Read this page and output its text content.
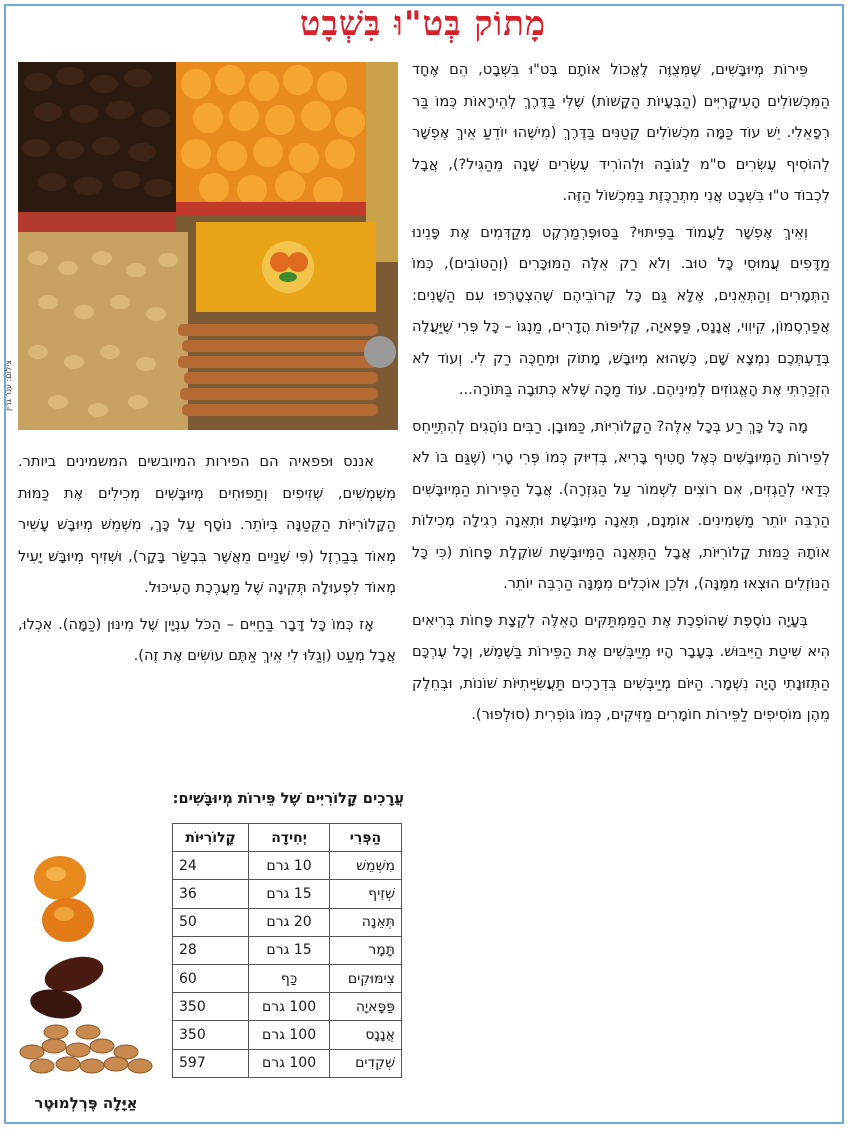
מָתוֹק בְּט"וּ בִּשְׁבָט
צילום: ענר גרין

פֵּירוֹת מְיוּבָּשִׁים, שֶׁמְּצֻוֶּה לֶאֱכוֹל אוֹתָם בְּט"וּ בִּשְׁבָט, הֵם אֶחָד הַמִּכְשׁוֹלִים הָעִיקָּרִיִּים (הַבְּעָיוֹת הַקָּשׁוֹת) שֶׁלִּי בַּדֶּרֶךְ לְהֵירָאוֹת כְּמוֹ בַּר רְפָאֵלִי. יֵשׁ עוֹד כַּמָּה מִכְשׁוֹלִים קְטַנִּים בַּדֶּרֶךְ (מִישֶׁהוּ יוֹדֵעַ אֵיךְ אֶפְשָׁר לְהוֹסִיף עֶשְׂרִים ס"מ לַגּוֹבַהּ וּלְהוֹרִיד עֶשְׂרִים שָׁנָה מֵהַגִּיל?), אֲבָל לִכְבוֹד ט"וּ בִּשְׁבָט אֲנִי מִתְרַכֶּזֶת בַּמִּכְשׁוֹל הַזֶּה.

וְאֵיךְ אֶפְשָׁר לַעֲמוֹד בַּפִּיתּוּי? בַּסּוּפֶּרְמַרְקֶט מְקַדְּמִים אֶת פָּנֵינוּ מַדָּפִים עֲמוּסֵי כָּל טוּב. וְלֹא רַק אֵלֶּה הַמּוּכָּרִים (וְהַטּוֹבִים), כְּמוֹ הַתְּמָרִים וְהַתְּאֵנִים, אֶלָּא גַּם כָּל קְרוֹבֵיהֶם שֶׁהִצְטָרְפוּ עִם הַשָּׁנִים: אֲפַרְסְמוֹן, קִיוִוי, אֲנָנָס, פַּפָּאיָה, קְלִיפּוֹת הֲדָרִים, מַנְגּוֹ – כָּל פְּרִי שֶׁיַּעֲלֶה בְּדַעְתְּכֶם נִמְצָא שָׁם, כְּשֶׁהוּא מְיוּבָּשׁ, מָתוֹק וּמְחַכֶּה רַק לִי. וְעוֹד לֹא הִזְכַּרְתִּי אֶת הָאֱגוֹזִים לְמִינֵיהֶם. עוֹד מַכָּה שֶׁלֹּא כְּתוּבָה בַּתּוֹרָה...

מָה כָּל כָּךְ רַע בְּכָל אֵלֶּה? הַקָּלוֹרִיּוֹת, כַּמּוּבָן. רַבִּים נוֹהֲגִים לְהִתְיַיחֵס לְפֵירוֹת הַמְּיוּבָּשִׁים כְּאֶל חָטִיף בָּרִיא, בְּדִיּוּק כְּמוֹ פְּרִי טָרִי (שֶׁגַּם בּוֹ לֹא כְּדַאי לְהַגְזִים, אִם רוֹצִים לִשְׁמוֹר עַל הַגִּזְרָה). אֲבָל הַפֵּירוֹת הַמְּיוּבָּשִׁים הַרְבֵּה יוֹתֵר מַשְׁמִינִים. אוֹמְנָם, תְּאֵנָה מְיוּבֶּשֶׁת וּתְאֵנָה רְגִילָה מְכִילוֹת אוֹתָהּ כַּמּוּת קָלוֹרִיּוֹת, אֲבָל הַתְּאֵנָה הַמְּיוּבֶּשֶׁת שׁוֹקֶלֶת פָּחוֹת (כִּי כָּל הַנּוֹזְלִים הוּצְאוּ מִמֶּנָּה), וּלְכֵן אוֹכְלִים מִמֶּנָּה הַרְבֵּה יוֹתֵר.

בְּעָיָה נוֹסֶפֶת שֶׁהוֹפֶכֶת אֶת הַמַּמְתַּקִּים הָאֵלֶּה לִקְצָת פָּחוֹת בְּרִיאִים הִיא שִׁיטַת הַיִּיבּוּשׁ. בֶּעָבָר הָיוּ מְיַיבְּשִׁים אֶת הַפֵּירוֹת בַּשֶּׁמֶשׁ, וְכָל עֶרְכָּם הַתְּזוּנָתִי הָיָה נִשְׁמָר. הַיּוֹם מְיַיבְּשִׁים בִּדְרָכִים תַּעֲשִׂיָּיתִיּוֹת שׁוֹנוֹת, וּבְחֵלֶק מֵהֶן מוֹסִיפִים לַפֵּירוֹת חוֹמָרִים מַזִּיקִים, כְּמוֹ גּוֹפְרִית (סוּלְפוּר).

אננס וּפפאיה הם הפירות המיובשים המשמינים ביותר. מִשְׁמְשִׁים, שְׁזִיפִים וְתַפּוּחִים מְיוּבָּשִׁים מְכִילִים אֶת כַּמּוּת הַקָּלוֹרִיּוֹת הַקְּטַנָּה בְּיוֹתֵר. נוֹסָף עַל כָּךְ, מִשְׁמֵשׁ מְיוּבָּשׁ עָשִׁיר מְאוֹד בְּבַרְזֶל (פִּי שְׁנַיִים מֵאֲשֶׁר בִּבְשַׂר בָּקָר), וּשְׁזִיף מְיוּבָּשׁ יָעִיל מְאוֹד לִפְעוּלָה תְּקִינָה שֶׁל מַעֲרֶכֶת הָעִיכּוּל.

אָז כְּמוֹ כָּל דָּבָר בַּחַיִּים – הַכֹּל עִנְיָין שֶׁל מִינּוּן (כַּמָּה). אִכְלוּ, אֲבָל מְעַט (וְגַלּוּ לִי אֵיךְ אַתֶּם עוֹשִׂים אֶת זֶה).

עֲרָכִים קָלוֹרִיִּים שֶׁל פֵּירוֹת מְיוּבָּשִׁים:
הַפְּרִי	יְחִידָה	קָלוֹרִיּוֹת
מִשְׁמֵשׁ	10 גרם	24
שְׁזִיף	15 גרם	36
תְּאֵנָה	20 גרם	50
תָּמָר	15 גרם	28
צִימּוּקִים	כַּף	60
פַּפָּאיָה	100 גרם	350
אֲנָנָס	100 גרם	350
שְׁקֵדִים	100 גרם	597
אַיָּלָה פֶּרְלְמוּטֶר
